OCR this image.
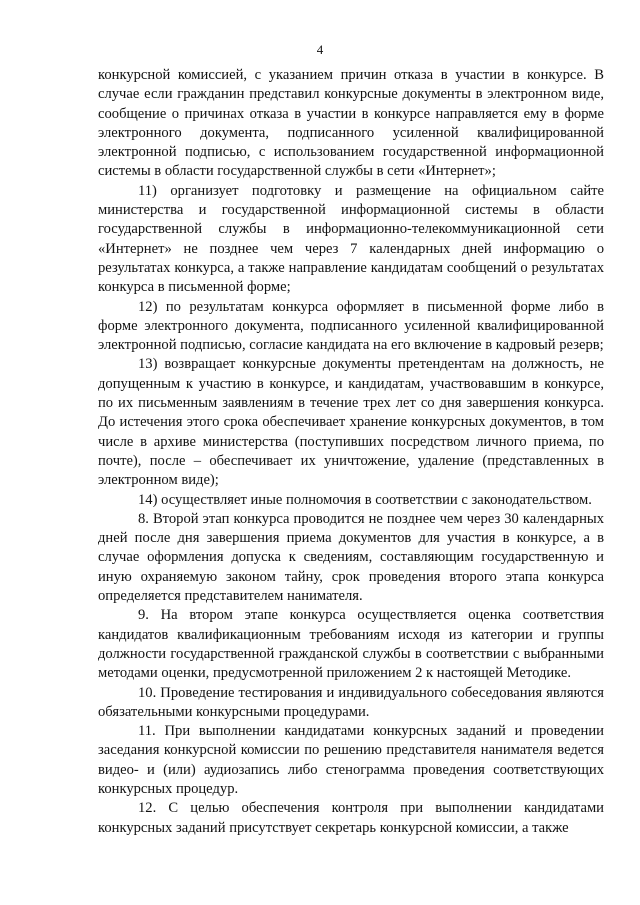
4

конкурсной комиссией, с указанием причин отказа в участии в конкурсе. В случае если гражданин представил конкурсные документы в электронном виде, сообщение о причинах отказа в участии в конкурсе направляется ему в форме электронного документа, подписанного усиленной квалифицированной электронной подписью, с использованием государственной информационной системы в области государственной службы в сети «Интернет»;

11) организует подготовку и размещение на официальном сайте министерства и государственной информационной системы в области государственной службы в информационно-телекоммуникационной сети «Интернет» не позднее чем через 7 календарных дней информацию о результатах конкурса, а также направление кандидатам сообщений о результатах конкурса в письменной форме;

12) по результатам конкурса оформляет в письменной форме либо в форме электронного документа, подписанного усиленной квалифицированной электронной подписью, согласие кандидата на его включение в кадровый резерв;

13) возвращает конкурсные документы претендентам на должность, не допущенным к участию в конкурсе, и кандидатам, участвовавшим в конкурсе, по их письменным заявлениям в течение трех лет со дня завершения конкурса. До истечения этого срока обеспечивает хранение конкурсных документов, в том числе в архиве министерства (поступивших посредством личного приема, по почте), после – обеспечивает их уничтожение, удаление (представленных в электронном виде);

14) осуществляет иные полномочия в соответствии с законодательством.

8. Второй этап конкурса проводится не позднее чем через 30 календарных дней после дня завершения приема документов для участия в конкурсе, а в случае оформления допуска к сведениям, составляющим государственную и иную охраняемую законом тайну, срок проведения второго этапа конкурса определяется представителем нанимателя.

9. На втором этапе конкурса осуществляется оценка соответствия кандидатов квалификационным требованиям исходя из категории и группы должности государственной гражданской службы в соответствии с выбранными методами оценки, предусмотренной приложением 2 к настоящей Методике.

10. Проведение тестирования и индивидуального собеседования являются обязательными конкурсными процедурами.

11. При выполнении кандидатами конкурсных заданий и проведении заседания конкурсной комиссии по решению представителя нанимателя ведется видео- и (или) аудиозапись либо стенограмма проведения соответствующих конкурсных процедур.

12. С целью обеспечения контроля при выполнении кандидатами конкурсных заданий присутствует секретарь конкурсной комиссии, а также
